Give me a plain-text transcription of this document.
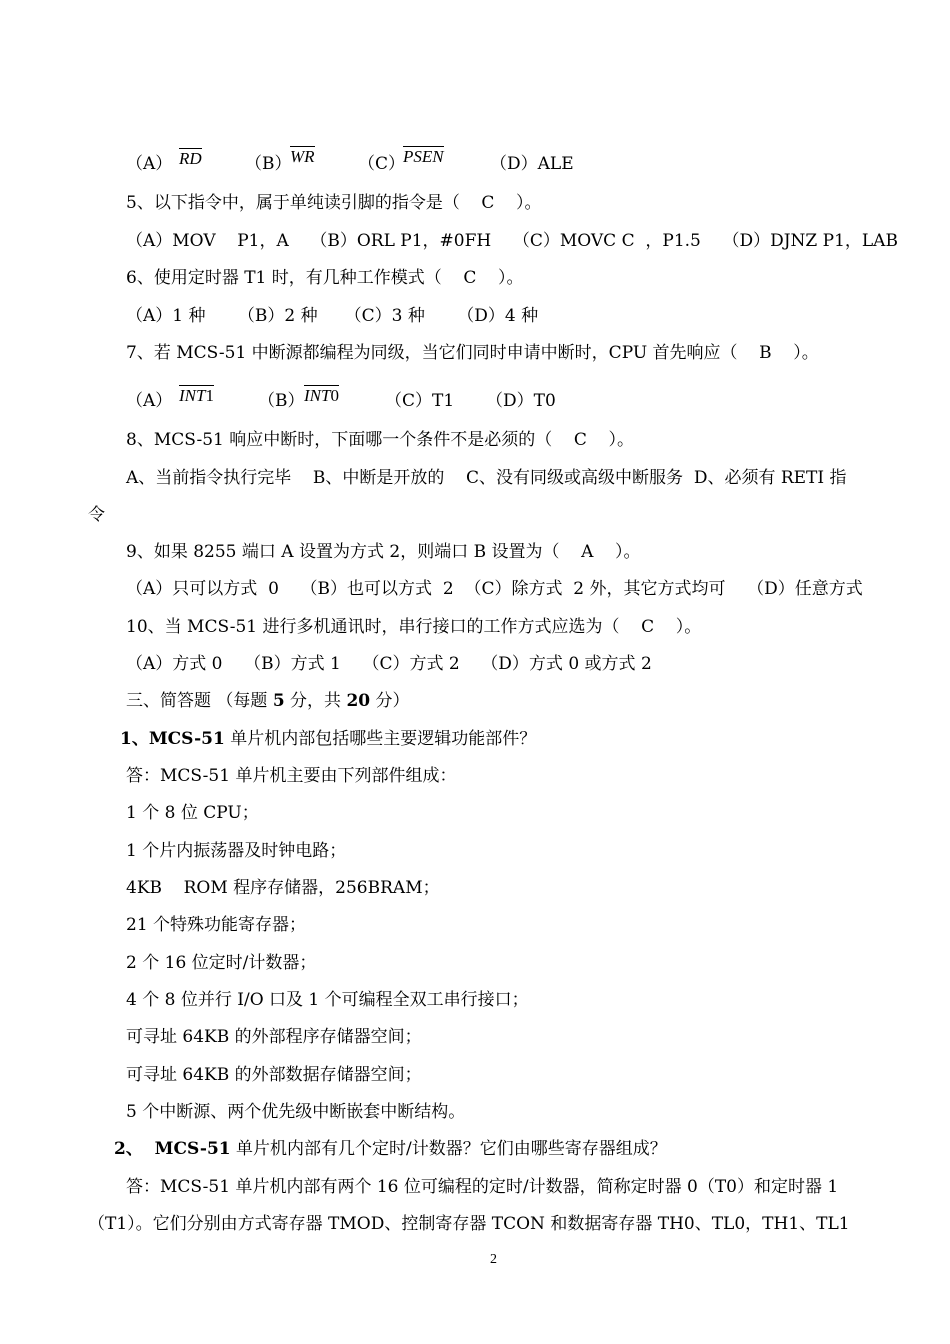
（A） RD	（B）
WR	（C）
PSEN	（D）ALE
5、以下指令中，属于单纯读引脚的指令是（    C    ）。
（A）MOV    P1，A    （B）ORL P1，#0FH    （C）MOVC C  ，P1.5    （D）DJNZ P1，LAB
6、使用定时器 T1 时，有几种工作模式（    C    ）。
（A）1 种      （B）2 种     （C）3 种      （D）4 种
7、若 MCS-51 中断源都编程为同级，当它们同时申请中断时，CPU 首先响应（    B    ）。
（A） INT1	（B） INT0	（C）T1 （D）T0
8、MCS-51 响应中断时，下面哪一个条件不是必须的（    C    ）。
A、当前指令执行完毕    B、中断是开放的    C、没有同级或高级中断服务  D、必须有 RETI 指
令
9、如果 8255 端口 A 设置为方式 2，则端口 B 设置为（    A    ）。
（A）只可以方式  0    （B）也可以方式  2  （C）除方式  2 外，其它方式均可    （D）任意方式
10、当 MCS-51 进行多机通讯时，串行接口的工作方式应选为（    C    ）。
（A）方式 0    （B）方式 1    （C）方式 2    （D）方式 0 或方式 2
三、简答题 （每题 5 分，共 20 分）
1、MCS-51 单片机内部包括哪些主要逻辑功能部件？
答：MCS-51 单片机主要由下列部件组成：
1 个 8 位 CPU；
1 个片内振荡器及时钟电路；
4KB    ROM 程序存储器，256BRAM；
21 个特殊功能寄存器；
2 个 16 位定时/计数器；
4 个 8 位并行 I/O 口及 1 个可编程全双工串行接口；
可寻址 64KB 的外部程序存储器空间；
可寻址 64KB 的外部数据存储器空间；
5 个中断源、两个优先级中断嵌套中断结构。
2、  MCS-51 单片机内部有几个定时/计数器？它们由哪些寄存器组成？
答：MCS-51 单片机内部有两个 16 位可编程的定时/计数器，简称定时器 0（T0）和定时器 1
（T1）。它们分别由方式寄存器 TMOD、控制寄存器 TCON 和数据寄存器 TH0、TL0，TH1、TL1
2
